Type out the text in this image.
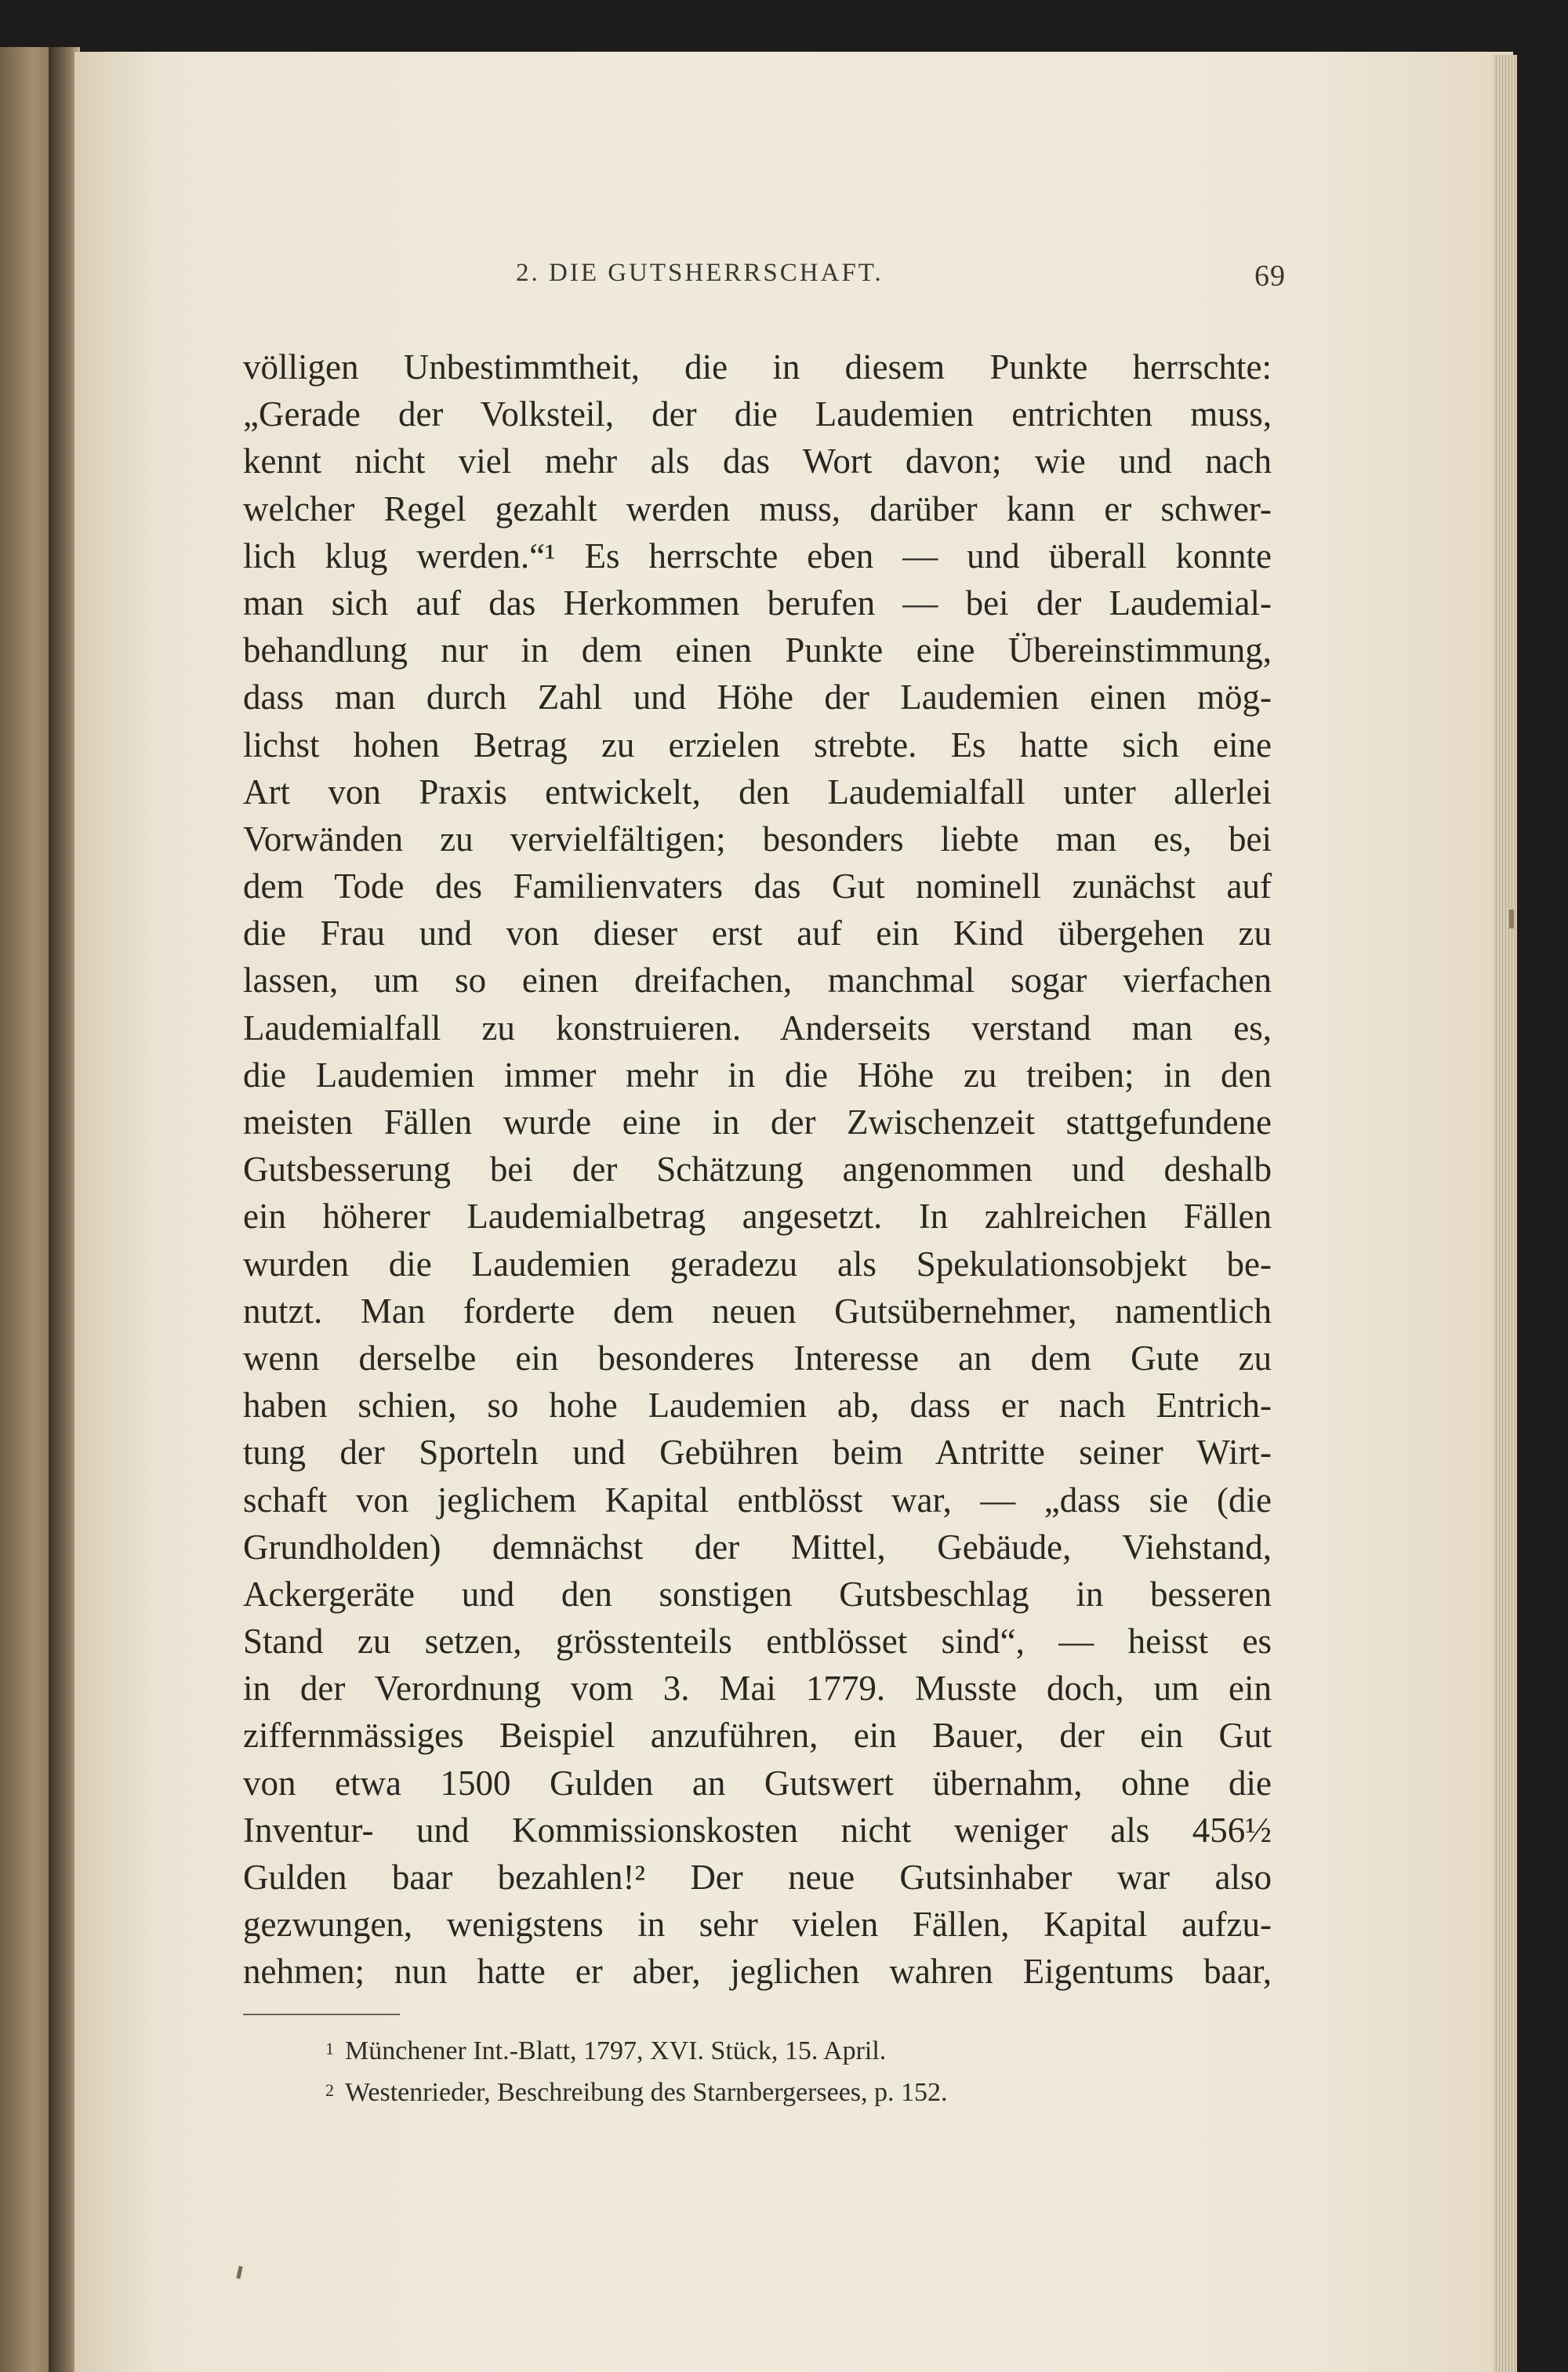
2. DIE GUTSHERRSCHAFT.	69
völligen Unbestimmtheit, die in diesem Punkte herrschte:
„Gerade der Volksteil, der die Laudemien entrichten muss,
kennt nicht viel mehr als das Wort davon; wie und nach
welcher Regel gezahlt werden muss, darüber kann er schwer-
lich klug werden.“¹ Es herrschte eben — und überall konnte
man sich auf das Herkommen berufen — bei der Laudemial-
behandlung nur in dem einen Punkte eine Übereinstimmung,
dass man durch Zahl und Höhe der Laudemien einen mög-
lichst hohen Betrag zu erzielen strebte. Es hatte sich eine
Art von Praxis entwickelt, den Laudemialfall unter allerlei
Vorwänden zu vervielfältigen; besonders liebte man es, bei
dem Tode des Familienvaters das Gut nominell zunächst auf
die Frau und von dieser erst auf ein Kind übergehen zu
lassen, um so einen dreifachen, manchmal sogar vierfachen
Laudemialfall zu konstruieren. Anderseits verstand man es,
die Laudemien immer mehr in die Höhe zu treiben; in den
meisten Fällen wurde eine in der Zwischenzeit stattgefundene
Gutsbesserung bei der Schätzung angenommen und deshalb
ein höherer Laudemialbetrag angesetzt. In zahlreichen Fällen
wurden die Laudemien geradezu als Spekulationsobjekt be-
nutzt. Man forderte dem neuen Gutsübernehmer, namentlich
wenn derselbe ein besonderes Interesse an dem Gute zu
haben schien, so hohe Laudemien ab, dass er nach Entrich-
tung der Sporteln und Gebühren beim Antritte seiner Wirt-
schaft von jeglichem Kapital entblösst war, — „dass sie (die
Grundholden) demnächst der Mittel, Gebäude, Viehstand,
Ackergeräte und den sonstigen Gutsbeschlag in besseren
Stand zu setzen, grösstenteils entblösset sind“, — heisst es
in der Verordnung vom 3. Mai 1779. Musste doch, um ein
ziffernmässiges Beispiel anzuführen, ein Bauer, der ein Gut
von etwa 1500 Gulden an Gutswert übernahm, ohne die
Inventur- und Kommissionskosten nicht weniger als 456½
Gulden baar bezahlen!² Der neue Gutsinhaber war also
gezwungen, wenigstens in sehr vielen Fällen, Kapital aufzu-
nehmen; nun hatte er aber, jeglichen wahren Eigentums baar,
$^1$ Münchener Int.-Blatt, 1797, XVI. Stück, 15. April.
$^2$ Westenrieder, Beschreibung des Starnbergersees, p. 152.
